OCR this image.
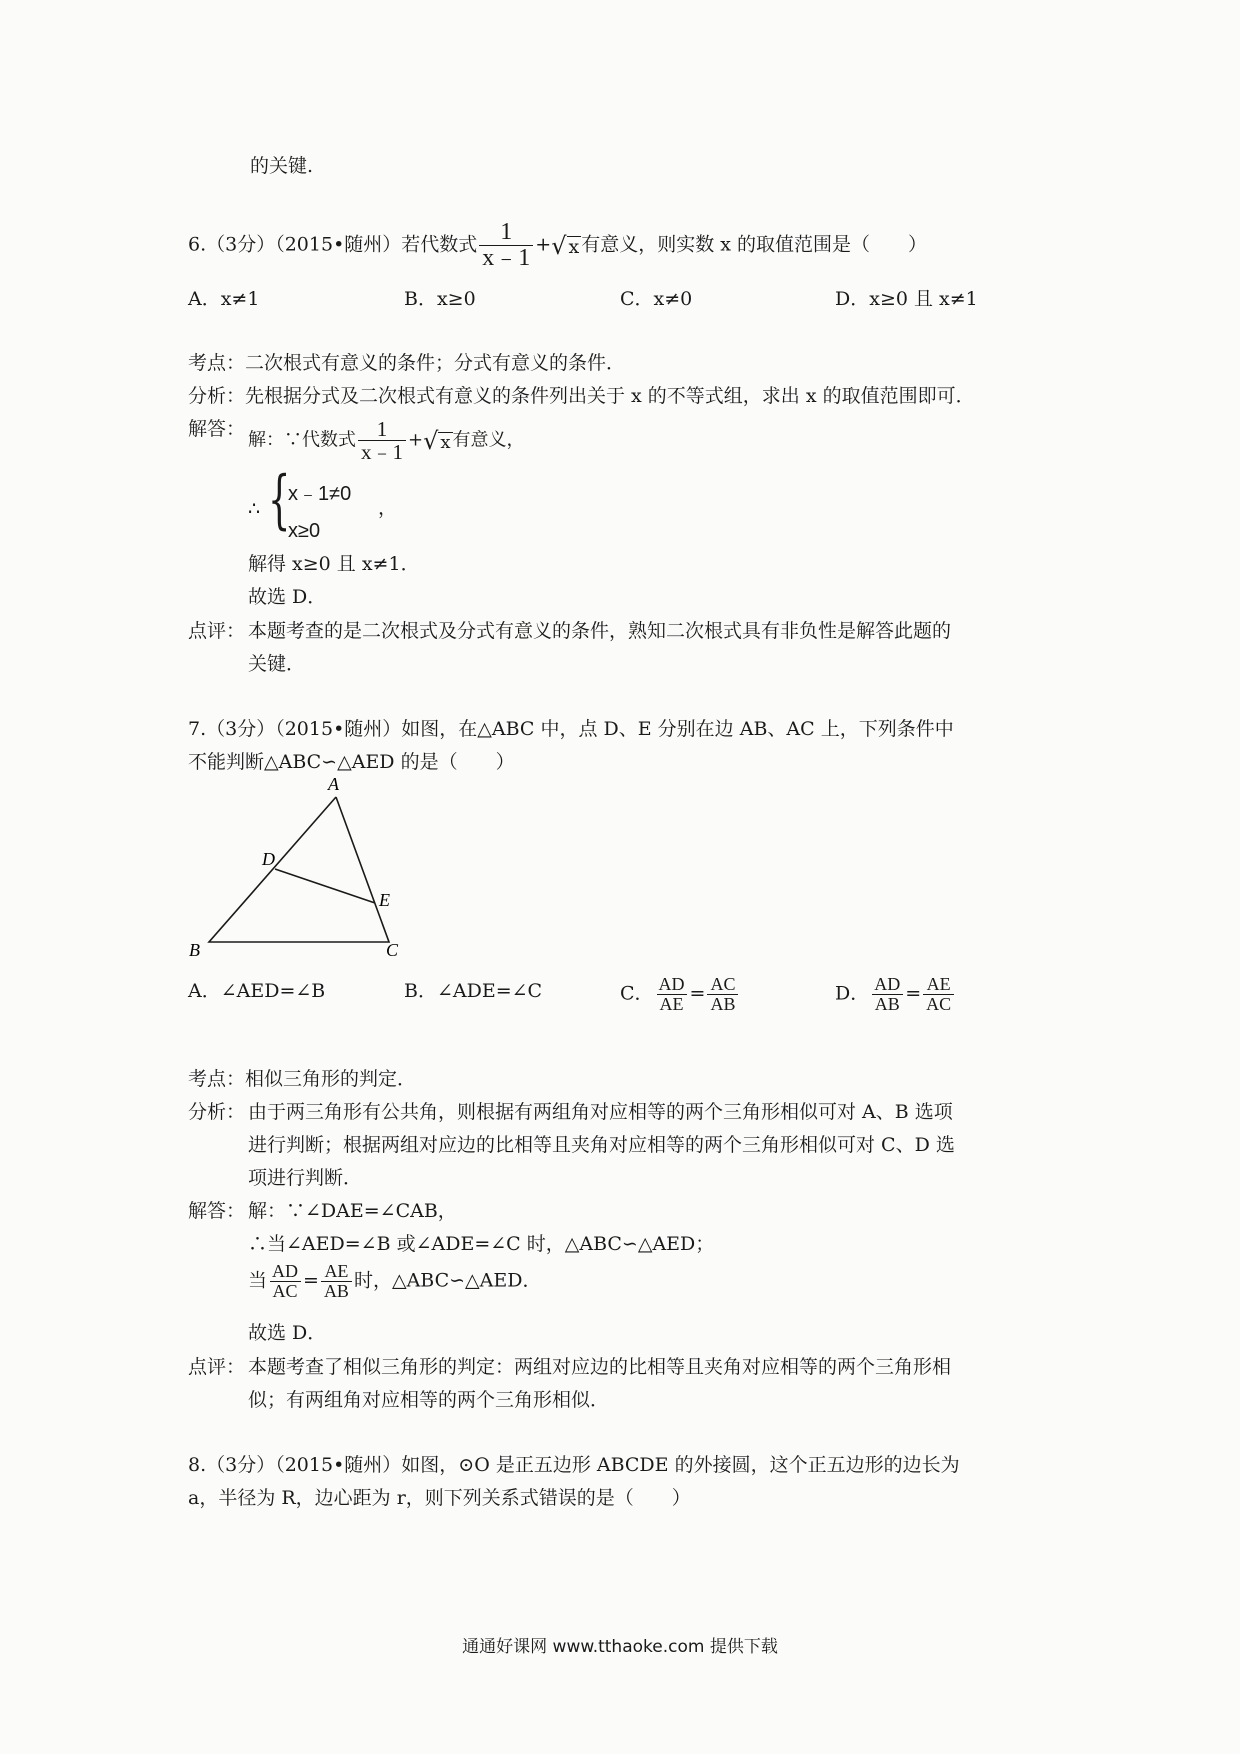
的关键.
6.（3分）（2015•随州）若代数式 $\frac{1}{x﹣1}$ + √ x 有意义，则实数 x 的取值范围是（　　）
A．x≠1	B．x≥0	C．x≠0	D．x≥0 且 x≠1
考点：二次根式有意义的条件；分式有意义的条件．
分析：先根据分式及二次根式有意义的条件列出关于 x 的不等式组，求出 x 的取值范围即可．
解答：
解：∵代数式 $\frac{1}{x﹣1}$ + √ x 有意义，
∴ {
x﹣1≠0
x≥0
，
解得 x≥0 且 x≠1．
故选 D．
点评： 本题考查的是二次根式及分式有意义的条件，熟知二次根式具有非负性是解答此题的
关键．
7.（3分）（2015•随州）如图，在△ABC 中，点 D、E 分别在边 AB、AC 上，下列条件中
不能判断△ABC∽△AED 的是（　　）
A
D
E
B	C
A．∠AED=∠B	B．∠ADE=∠C	C． $\frac{AD}{AE} = \frac{AC}{AB}$	D． $\frac{AD}{AB} = \frac{AE}{AC}$
考点：相似三角形的判定．
分析： 由于两三角形有公共角，则根据有两组角对应相等的两个三角形相似可对 A、B 选项
进行判断；根据两组对应边的比相等且夹角对应相等的两个三角形相似可对 C、D 选
项进行判断．
解答： 解：∵∠DAE=∠CAB，
∴当∠AED=∠B 或∠ADE=∠C 时，△ABC∽△AED；
当 $\frac{AD}{AC} = \frac{AE}{AB}$ 时，△ABC∽△AED．
故选 D．
点评： 本题考查了相似三角形的判定：两组对应边的比相等且夹角对应相等的两个三角形相
似；有两组角对应相等的两个三角形相似．
8.（3分）（2015•随州）如图，⊙O 是正五边形 ABCDE 的外接圆，这个正五边形的边长为
a，半径为 R，边心距为 r，则下列关系式错误的是（　　）
通通好课网 www.tthaoke.com 提供下载
